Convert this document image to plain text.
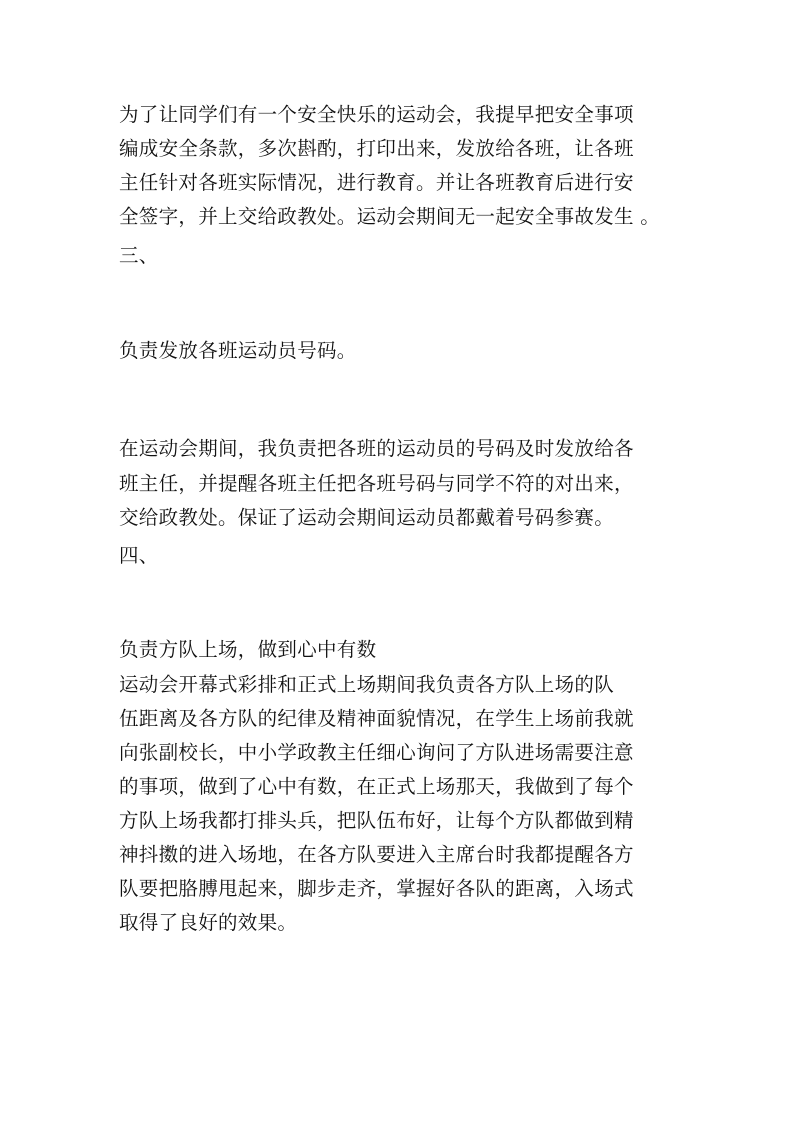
为了让同学们有一个安全快乐的运动会，我提早把安全事项
编成安全条款，多次斟酌，打印出来，发放给各班，让各班
主任针对各班实际情况，进行教育。并让各班教育后进行安
全签字，并上交给政教处。运动会期间无一起安全事故发生 。
三、
负责发放各班运动员号码。
在运动会期间，我负责把各班的运动员的号码及时发放给各
班主任，并提醒各班主任把各班号码与同学不符的对出来，
交给政教处。保证了运动会期间运动员都戴着号码参赛。
四、
负责方队上场，做到心中有数
运动会开幕式彩排和正式上场期间我负责各方队上场的队
伍距离及各方队的纪律及精神面貌情况，在学生上场前我就
向张副校长，中小学政教主任细心询问了方队进场需要注意
的事项，做到了心中有数，在正式上场那天，我做到了每个
方队上场我都打排头兵，把队伍布好，让每个方队都做到精
神抖擞的进入场地，在各方队要进入主席台时我都提醒各方
队要把胳膊甩起来，脚步走齐，掌握好各队的距离，入场式
取得了良好的效果。
